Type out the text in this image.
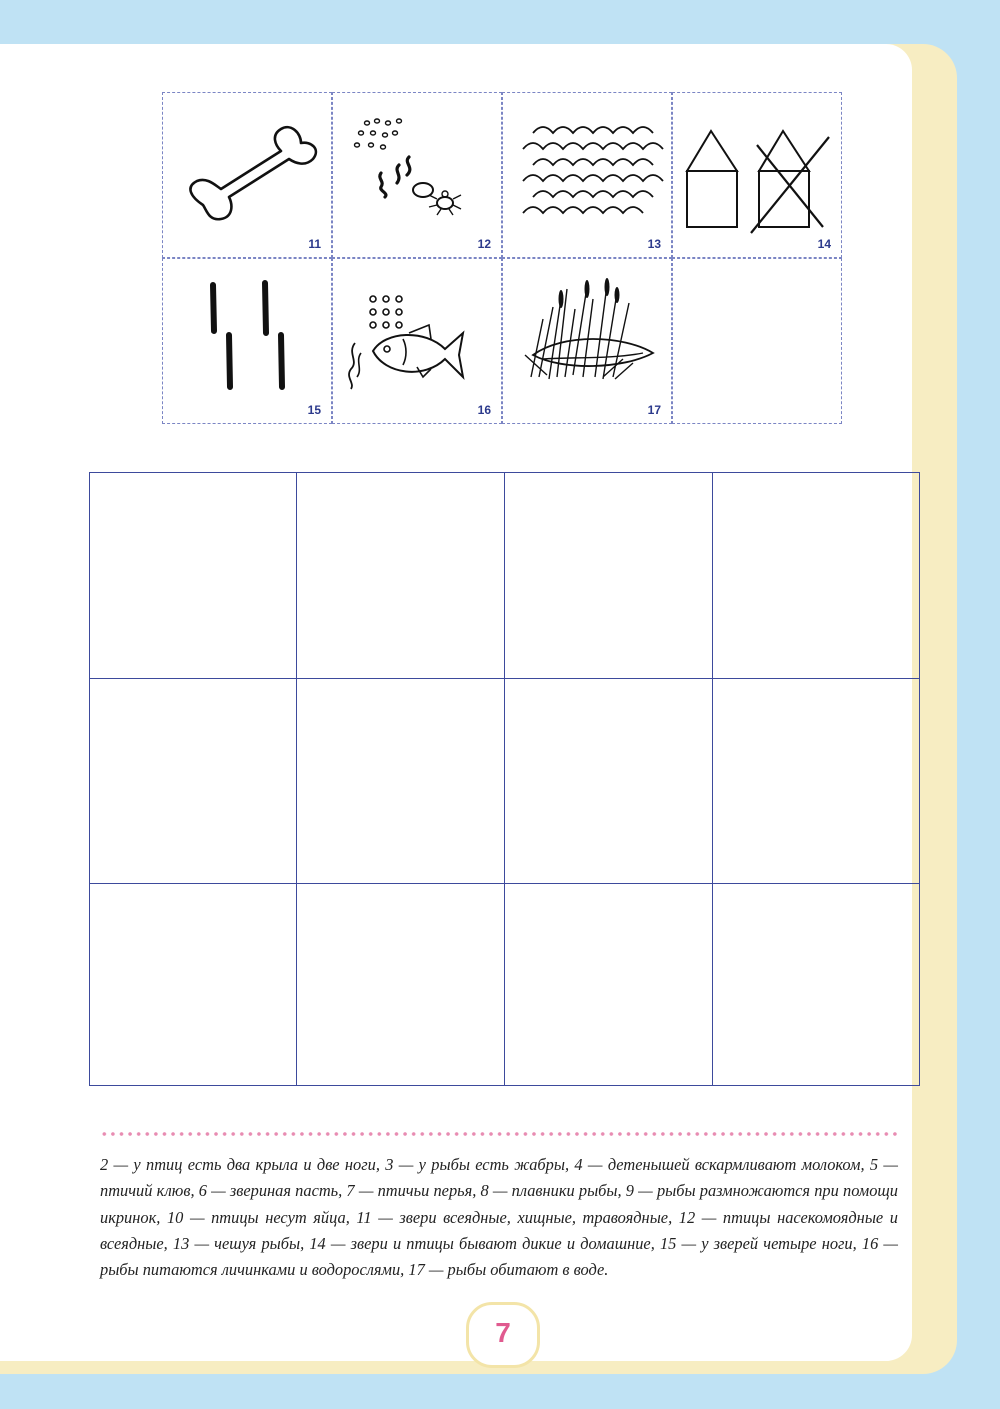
11	12	13	14
15	16	17

2 — у птиц есть два крыла и две ноги, 3 — у рыбы есть жабры, 4 — детенышей вскармливают молоком, 5 — птичий клюв, 6 — звериная пасть, 7 — птичьи перья, 8 — плавники рыбы, 9 — рыбы размножаются при помощи икринок, 10 — птицы несут яйца, 11 — звери всеядные, хищные, травоядные, 12 — птицы насекомоядные и всеядные, 13 — чешуя рыбы, 14 — звери и птицы бывают дикие и домашние, 15 — у зверей четыре ноги, 16 — рыбы питаются личинками и водорослями, 17 — рыбы обитают в воде.

7
